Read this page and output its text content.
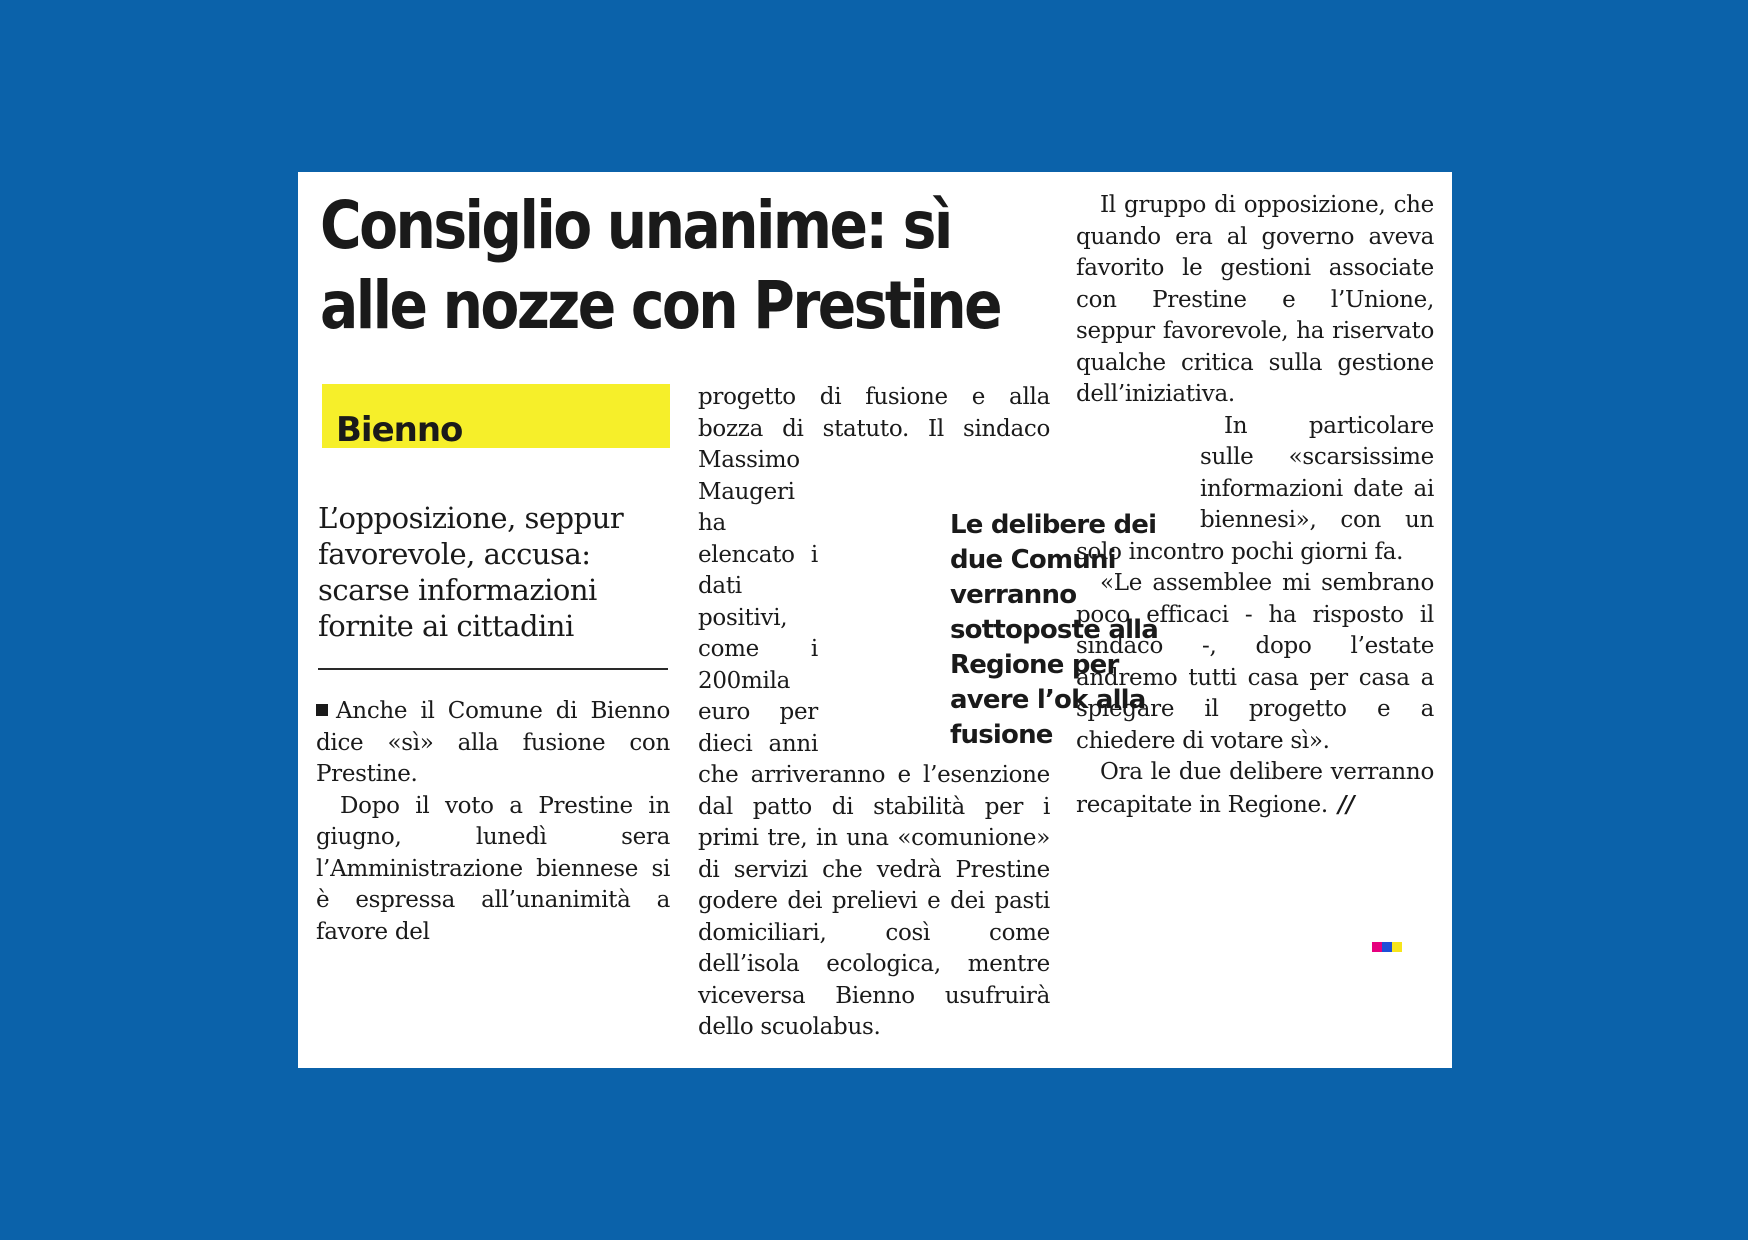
Consiglio unanime: sì
alle nozze con Prestine
Bienno
L’opposizione, seppur favorevole, accusa: scarse informazioni fornite ai cittadini

Anche il Comune di Bienno dice «sì» alla fusione con Prestine.

Dopo il voto a Prestine in giugno, lunedì sera l’Amministrazione biennese si è espressa all’unanimità a favore del

progetto di fusione e alla bozza di statuto. Il sindaco Massimo Maugeri ha elencato i dati positivi, come i 200mila euro per dieci anni che arriveranno e l’esenzione dal patto di stabilità per i primi tre, in una «comunione» di servizi che vedrà Prestine godere dei prelievi e dei pasti domiciliari, così come dell’isola ecologica, mentre viceversa Bienno usufruirà dello scuolabus.

Le delibere dei due Comuni verranno sottoposte alla Regione per avere l’ok alla fusione

Il gruppo di opposizione, che quando era al governo aveva favorito le gestioni associate con Prestine e l’Unione, seppur favorevole, ha riservato qualche critica sulla gestione dell’iniziativa.

In particolare sulle «scarsissime informazioni date ai biennesi», con un solo incontro pochi giorni fa.

«Le assemblee mi sembrano poco efficaci - ha risposto il sindaco -, dopo l’estate andremo tutti casa per casa a spiegare il progetto e a chiedere di votare sì».

Ora le due delibere verranno recapitate in Regione. //
